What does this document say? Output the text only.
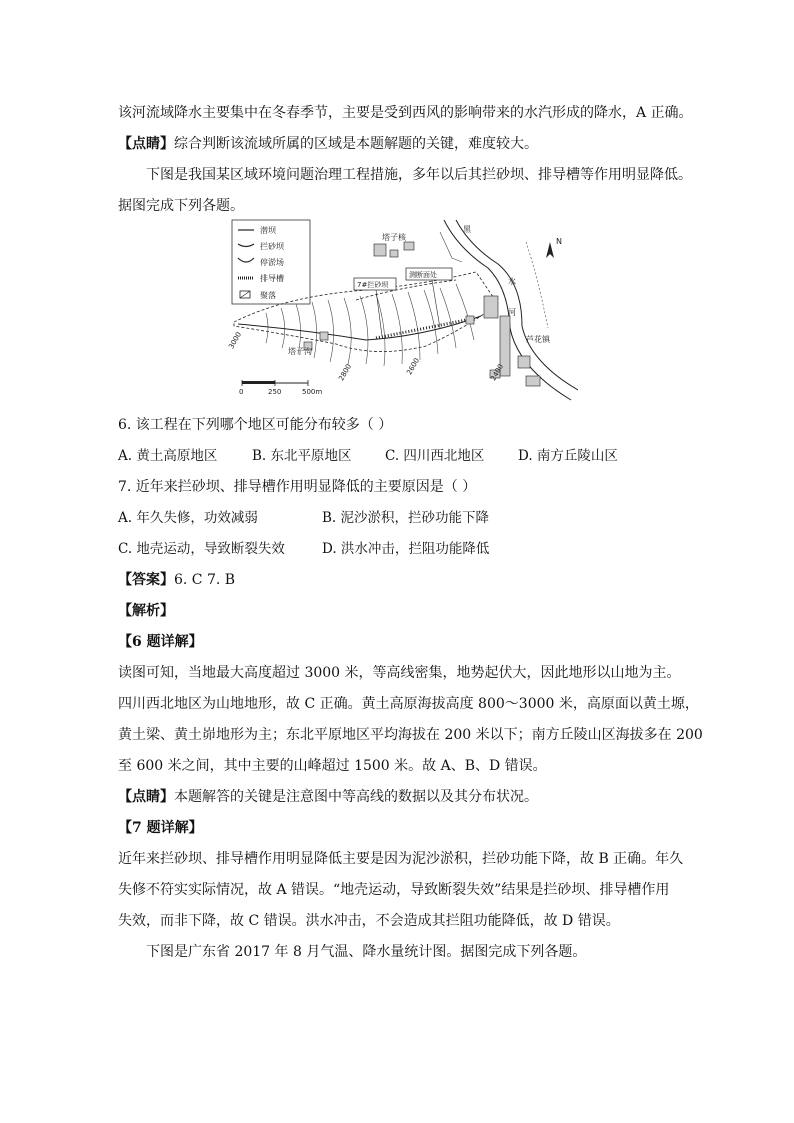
该河流域降水主要集中在冬春季节，主要是受到西风的影响带来的水汽形成的降水，A 正确。
【点睛】综合判断该流域所属的区域是本题解题的关键，难度较大。
下图是我国某区域环境问题治理工程措施，多年以后其拦砂坝、排导槽等作用明显降低。
据图完成下列各题。
潜坝
拦砂坝
停淤场
排导槽
聚落
塔子核
7#拦砂坝
测断面处
黑
水
河
芦花镇
塔子沟
3000
2800	2600	2400
N
0	250	500m
6. 该工程在下列哪个地区可能分布较多（ ）
A. 黄土高原地区	B. 东北平原地区 C. 四川西北地区 D. 南方丘陵山区
7. 近年来拦砂坝、排导槽作用明显降低的主要原因是（ ）
A. 年久失修，功效减弱	B. 泥沙淤积，拦砂功能下降
C. 地壳运动，导致断裂失效	D. 洪水冲击，拦阻功能降低
【答案】6. C 7. B
【解析】
【6 题详解】
读图可知，当地最大高度超过 3000 米，等高线密集，地势起伏大，因此地形以山地为主。
四川西北地区为山地地形，故 C 正确。黄土高原海拔高度 800～3000 米，高原面以黄土塬，
黄土梁、黄土峁地形为主；东北平原地区平均海拔在 200 米以下；南方丘陵山区海拔多在 200
至 600 米之间，其中主要的山峰超过 1500 米。故 A、B、D 错误。
【点睛】本题解答的关键是注意图中等高线的数据以及其分布状况。
【7 题详解】
近年来拦砂坝、排导槽作用明显降低主要是因为泥沙淤积，拦砂功能下降，故 B 正确。年久
失修不符实实际情况，故 A 错误。“地壳运动，导致断裂失效”结果是拦砂坝、排导槽作用
失效，而非下降，故 C 错误。洪水冲击，不会造成其拦阻功能降低，故 D 错误。
下图是广东省 2017 年 8 月气温、降水量统计图。据图完成下列各题。
